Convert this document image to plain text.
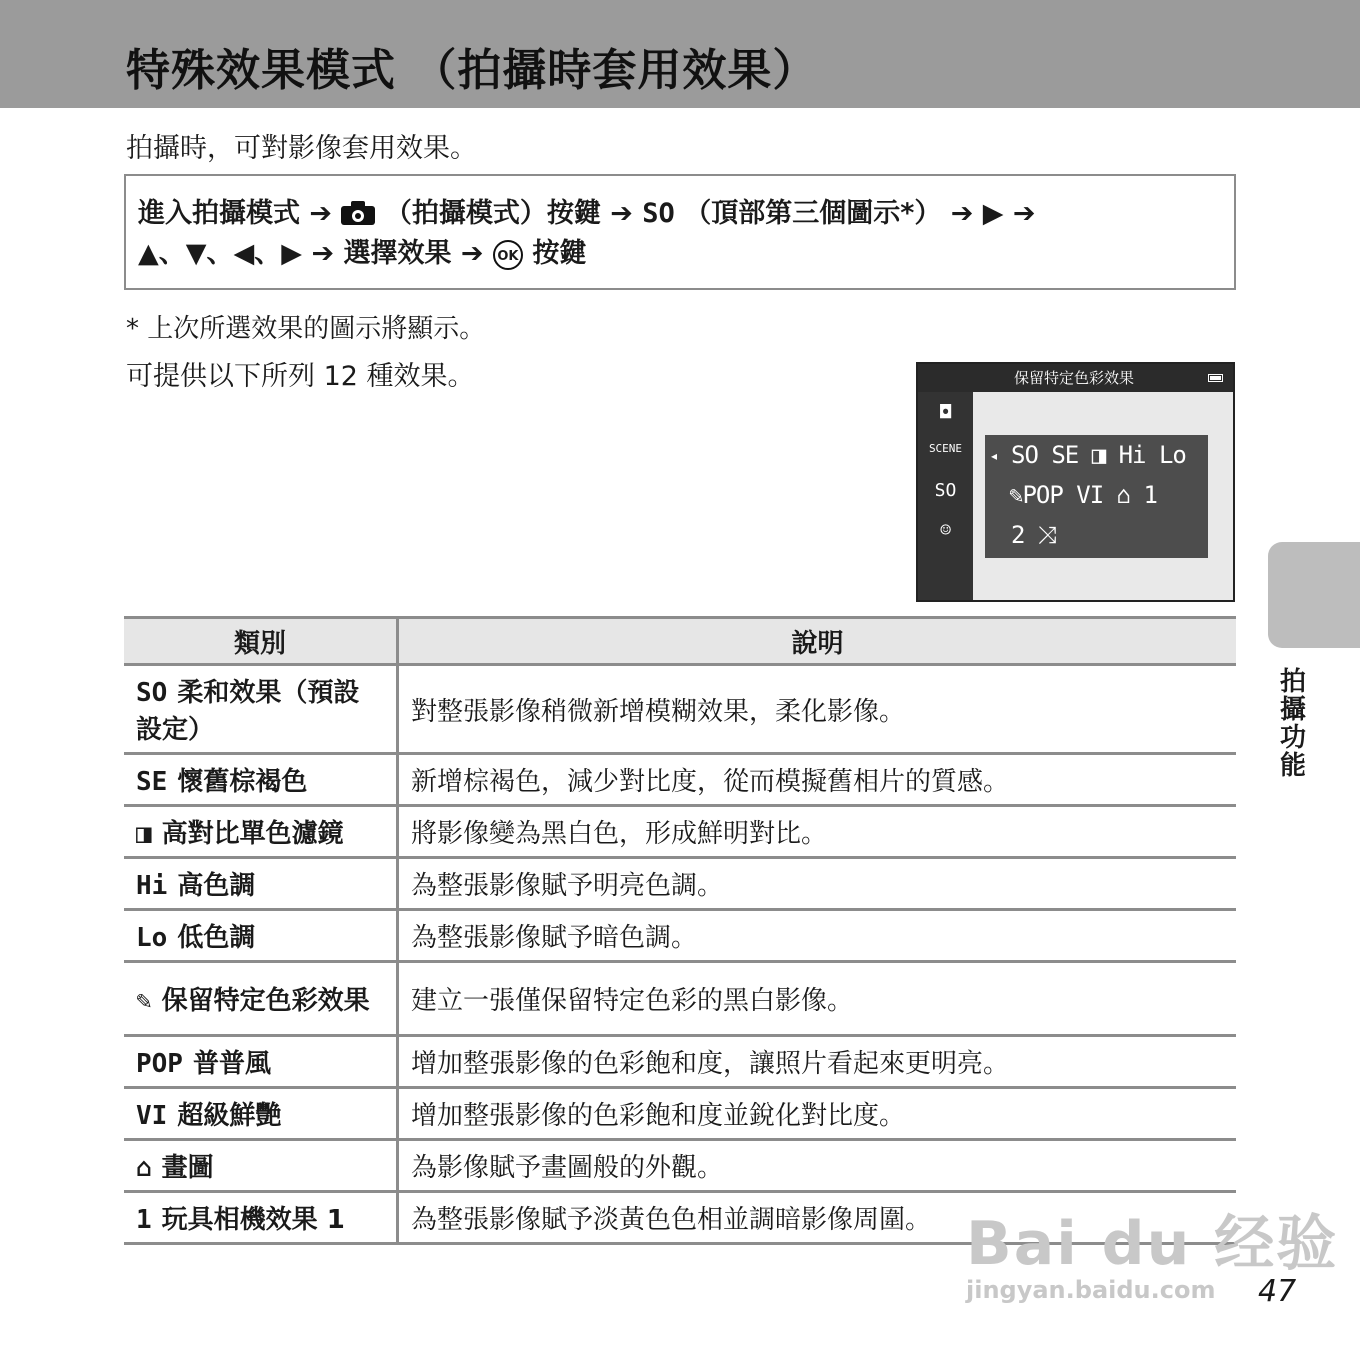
特殊效果模式 （拍攝時套用效果）
拍攝時，可對影像套用效果。
進入拍攝模式 ➔ （拍攝模式）按鍵 ➔ SO （頂部第三個圖示*） ➔ ▶ ➔
▲、▼、◀、▶ ➔ 選擇效果 ➔ OK 按鍵
* 上次所選效果的圖示將顯示。
可提供以下所列 12 種效果。	保留特定色彩效果
◘
SCENE
SO
☺
◂ SO SE ◨ Hi Lo
✎POP VI ⌂ 1
2 ⤨
類別	說明
SO 柔和效果（預設設定）	對整張影像稍微新增模糊效果，柔化影像。
SE 懷舊棕褐色	新增棕褐色，減少對比度，從而模擬舊相片的質感。
◨ 高對比單色濾鏡	將影像變為黑白色，形成鮮明對比。
Hi 高色調	為整張影像賦予明亮色調。
Lo 低色調	為整張影像賦予暗色調。
✎ 保留特定色彩效果	建立一張僅保留特定色彩的黑白影像。
POP 普普風	增加整張影像的色彩飽和度，讓照片看起來更明亮。
VI 超級鮮艷	增加整張影像的色彩飽和度並銳化對比度。
⌂ 畫圖	為影像賦予畫圖般的外觀。
1 玩具相機效果 1	為整張影像賦予淡黃色色相並調暗影像周圍。
拍攝功能
Bai du 经验
jingyan.baidu.com	47
